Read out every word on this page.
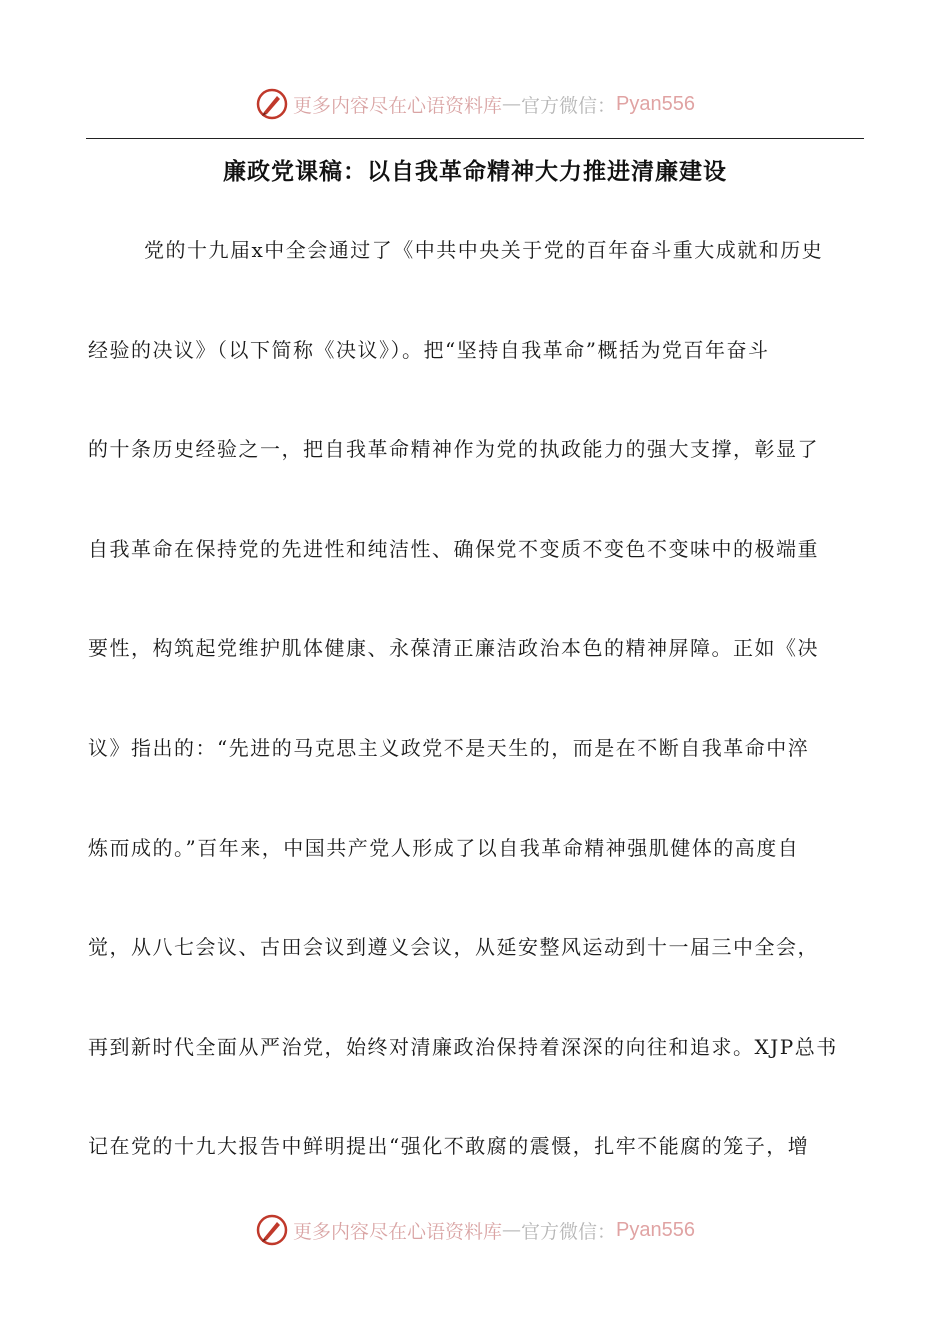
更多内容尽在心语资料库 — 官方微信： Pyan556
廉政党课稿：以自我革命精神大力推进清廉建设
党的十九届x中全会通过了《中共中央关于党的百年奋斗重大成就和历史
经验的决议》（以下简称《决议》）。把“坚持自我革命”概括为党百年奋斗
的十条历史经验之一，把自我革命精神作为党的执政能力的强大支撑，彰显了
自我革命在保持党的先进性和纯洁性、确保党不变质不变色不变味中的极端重
要性，构筑起党维护肌体健康、永葆清正廉洁政治本色的精神屏障。正如《决
议》指出的：“先进的马克思主义政党不是天生的，而是在不断自我革命中淬
炼而成的。”百年来，中国共产党人形成了以自我革命精神强肌健体的高度自
觉，从八七会议、古田会议到遵义会议，从延安整风运动到十一届三中全会，
再到新时代全面从严治党，始终对清廉政治保持着深深的向往和追求。XJP总书
记在党的十九大报告中鲜明提出“强化不敢腐的震慑，扎牢不能腐的笼子，增
更多内容尽在心语资料库 — 官方微信： Pyan556
